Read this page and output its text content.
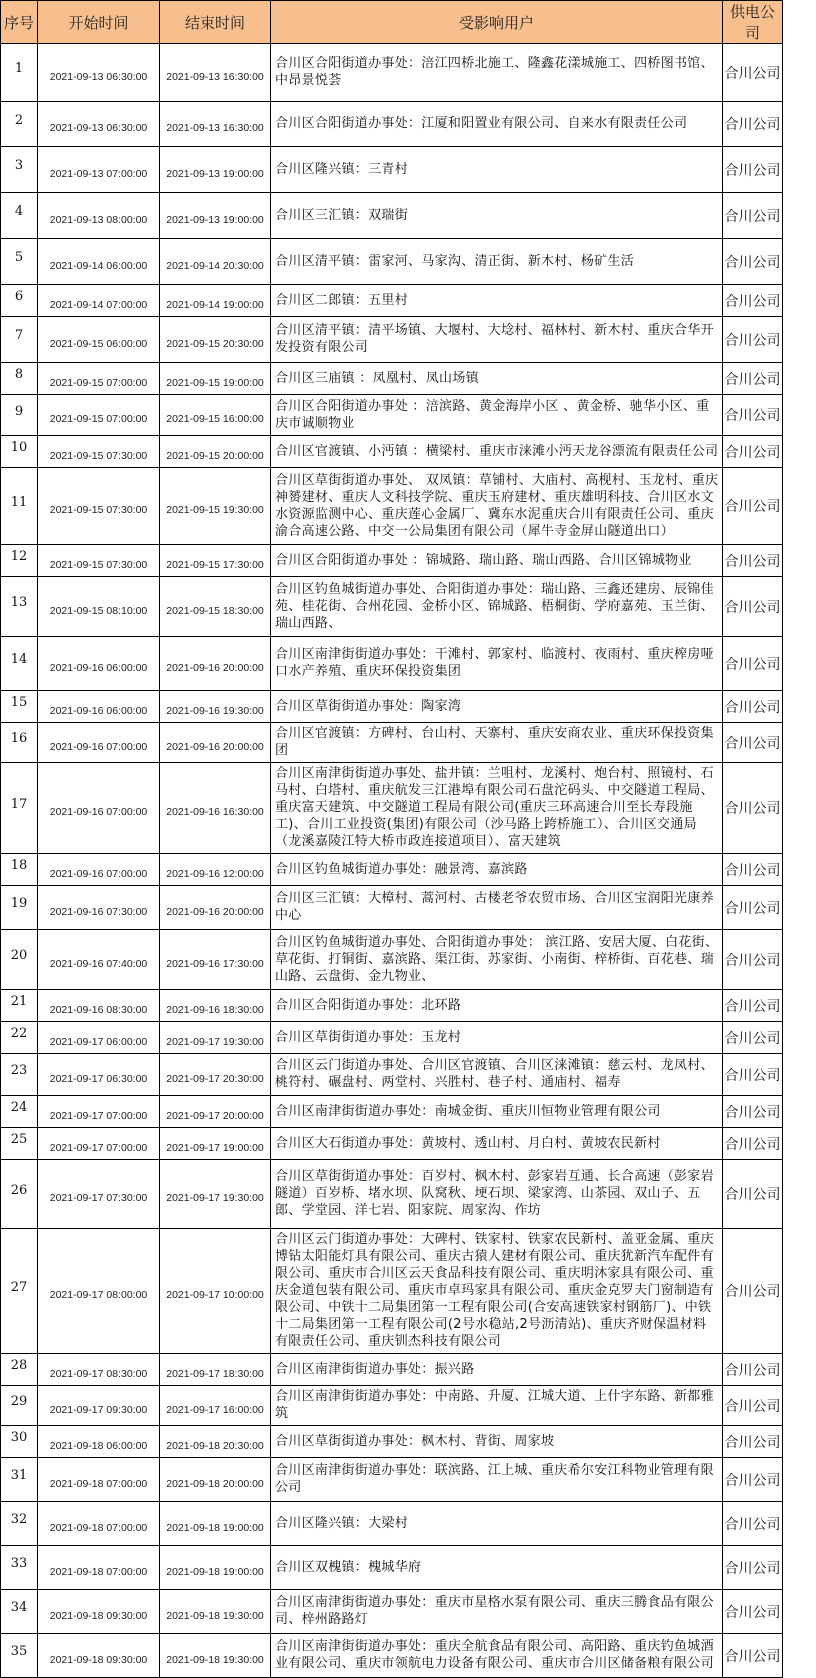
序号	开始时间	结束时间	受影响用户	供电公司
1	2021-09-13 06:30:00	2021-09-13 16:30:00	合川区合阳街道办事处：涪江四桥北施工、隆鑫花漾城施工、四桥图书馆、中昂景悦荟	合川公司
2	2021-09-13 06:30:00	2021-09-13 16:30:00	合川区合阳街道办事处：江厦和阳置业有限公司、自来水有限责任公司	合川公司
3	2021-09-13 07:00:00	2021-09-13 19:00:00	合川区隆兴镇：三青村	合川公司
4	2021-09-13 08:00:00	2021-09-13 19:00:00	合川区三汇镇：双瑞街	合川公司
5	2021-09-14 06:00:00	2021-09-14 20:30:00	合川区清平镇：雷家河、马家沟、清正街、新木村、杨矿生活	合川公司
6	2021-09-14 07:00:00	2021-09-14 19:00:00	合川区二郎镇：五里村	合川公司
7	2021-09-15 06:00:00	2021-09-15 20:30:00	合川区清平镇：清平场镇、大堰村、大埝村、福林村、新木村、重庆合华开发投资有限公司	合川公司
8	2021-09-15 07:00:00	2021-09-15 19:00:00	合川区三庙镇 ：凤凰村、凤山场镇	合川公司
9	2021-09-15 07:00:00	2021-09-15 16:00:00	合川区合阳街道办事处 ：涪滨路、黄金海岸小区 、黄金桥、驰华小区、重庆市诚顺物业	合川公司
10	2021-09-15 07:30:00	2021-09-15 20:00:00	合川区官渡镇、小沔镇 ：横梁村、重庆市涞滩小沔天龙谷漂流有限责任公司	合川公司
11	2021-09-15 07:30:00	2021-09-15 19:30:00	合川区草街街道办事处、 双凤镇：草铺村、大庙村、高枧村、玉龙村、重庆神赟建材、重庆人文科技学院、重庆玉府建材、重庆雄明科技、合川区水文水资源监测中心、重庆莲心金属厂、冀东水泥重庆合川有限责任公司、重庆渝合高速公路、中交一公局集团有限公司（犀牛寺金屏山隧道出口）	合川公司
12	2021-09-15 07:30:00	2021-09-15 17:30:00	合川区合阳街道办事处 ：锦城路、瑞山路、瑞山西路、合川区锦城物业	合川公司
13	2021-09-15 08:10:00	2021-09-15 18:30:00	合川区钓鱼城街道办事处、合阳街道办事处：瑞山路、三鑫还建房、辰锦佳苑、桂花街、合州花园、金桥小区、锦城路、梧桐街、学府嘉苑、玉兰街、瑞山西路、	合川公司
14	2021-09-16 06:00:00	2021-09-16 20:00:00	合川区南津街街道办事处：干滩村、郭家村、临渡村、夜雨村、重庆榨房哑口水产养殖、重庆环保投资集团	合川公司
15	2021-09-16 06:00:00	2021-09-16 19:30:00	合川区草街街道办事处：陶家湾	合川公司
16	2021-09-16 07:00:00	2021-09-16 20:00:00	合川区官渡镇：方碑村、台山村、天寨村、重庆安商农业、重庆环保投资集团	合川公司
17	2021-09-16 07:00:00	2021-09-16 16:30:00	合川区南津街街道办事处、盐井镇：兰咀村、龙溪村、炮台村、照镜村、石马村、白塔村、重庆航发三江港埠有限公司石盘沱码头、中交隧道工程局、重庆富天建筑、中交隧道工程局有限公司(重庆三环高速合川至长寿段施工)、合川工业投资(集团)有限公司（沙马路上跨桥施工）、合川区交通局（龙溪嘉陵江特大桥市政连接道项目）、富天建筑	合川公司
18	2021-09-16 07:00:00	2021-09-16 12:00:00	合川区钓鱼城街道办事处：融景湾、嘉滨路	合川公司
19	2021-09-16 07:30:00	2021-09-16 20:00:00	合川区三汇镇：大樟村、蒿河村、古楼老爷农贸市场、合川区宝润阳光康养中心	合川公司
20	2021-09-16 07:40:00	2021-09-16 17:30:00	合川区钓鱼城街道办事处、合阳街道办事处： 滨江路、安居大厦、白花街、草花街、打铜街、嘉滨路、渠江街、苏家街、小南街、梓桥街、百花巷、瑞山路、云盘街、金九物业、	合川公司
21	2021-09-16 08:30:00	2021-09-16 18:30:00	合川区合阳街道办事处：北环路	合川公司
22	2021-09-17 06:00:00	2021-09-17 19:30:00	合川区草街街道办事处：玉龙村	合川公司
23	2021-09-17 06:30:00	2021-09-17 20:30:00	合川区云门街道办事处、合川区官渡镇、合川区涞滩镇：慈云村、龙凤村、桃符村、碾盘村、两堂村、兴胜村、巷子村、通庙村、福寿	合川公司
24	2021-09-17 07:00:00	2021-09-17 20:00:00	合川区南津街街道办事处：南城金街、重庆川恒物业管理有限公司	合川公司
25	2021-09-17 07:00:00	2021-09-17 19:00:00	合川区大石街道办事处：黄坡村、透山村、月白村、黄坡农民新村	合川公司
26	2021-09-17 07:30:00	2021-09-17 19:30:00	合川区草街街道办事处：百岁村、枫木村、彭家岩互通、长合高速（彭家岩隧道）百岁桥、堵水坝、队窝秋、埂石坝、梁家湾、山茶园、双山子、五郎、学堂园、洋七岩、阳家院、周家沟、作坊	合川公司
27	2021-09-17 08:00:00	2021-09-17 10:00:00	合川区云门街道办事处：大碑村、铁家村、铁家农民新村、盖亚金属、重庆博钻太阳能灯具有限公司、重庆古猿人建材有限公司、重庆犹新汽车配件有限公司、重庆市合川区云天食品科技有限公司、重庆明沐家具有限公司、重庆金道包装有限公司、重庆市卓玛家具有限公司、重庆金克罗夫门窗制造有限公司、中铁十二局集团第一工程有限公司(合安高速铁家村钢筋厂)、中铁十二局集团第一工程有限公司(2号水稳站,2号沥清站)、重庆齐财保温材料有限责任公司、重庆钏杰科技有限公司	合川公司
28	2021-09-17 08:30:00	2021-09-17 18:30:00	合川区南津街街道办事处：振兴路	合川公司
29	2021-09-17 09:30:00	2021-09-17 16:00:00	合川区南津街街道办事处：中南路、升厦、江城大道、上什字东路、新都雅筑	合川公司
30	2021-09-18 06:00:00	2021-09-18 20:30:00	合川区草街街道办事处：枫木村、背街、周家坡	合川公司
31	2021-09-18 07:00:00	2021-09-18 20:00:00	合川区南津街街道办事处：联滨路、江上城、重庆希尔安江科物业管理有限公司	合川公司
32	2021-09-18 07:00:00	2021-09-18 19:00:00	合川区隆兴镇：大梁村	合川公司
33	2021-09-18 07:00:00	2021-09-18 19:00:00	合川区双槐镇：槐城华府	合川公司
34	2021-09-18 09:30:00	2021-09-18 19:30:00	合川区南津街街道办事处：重庆市星格水泵有限公司、重庆三腾食品有限公司、梓州路路灯	合川公司
35	2021-09-18 09:30:00	2021-09-18 19:30:00	合川区南津街街道办事处：重庆全航食品有限公司、高阳路、重庆钓鱼城酒业有限公司、重庆市领航电力设备有限公司、重庆市合川区储备粮有限公司	合川公司
